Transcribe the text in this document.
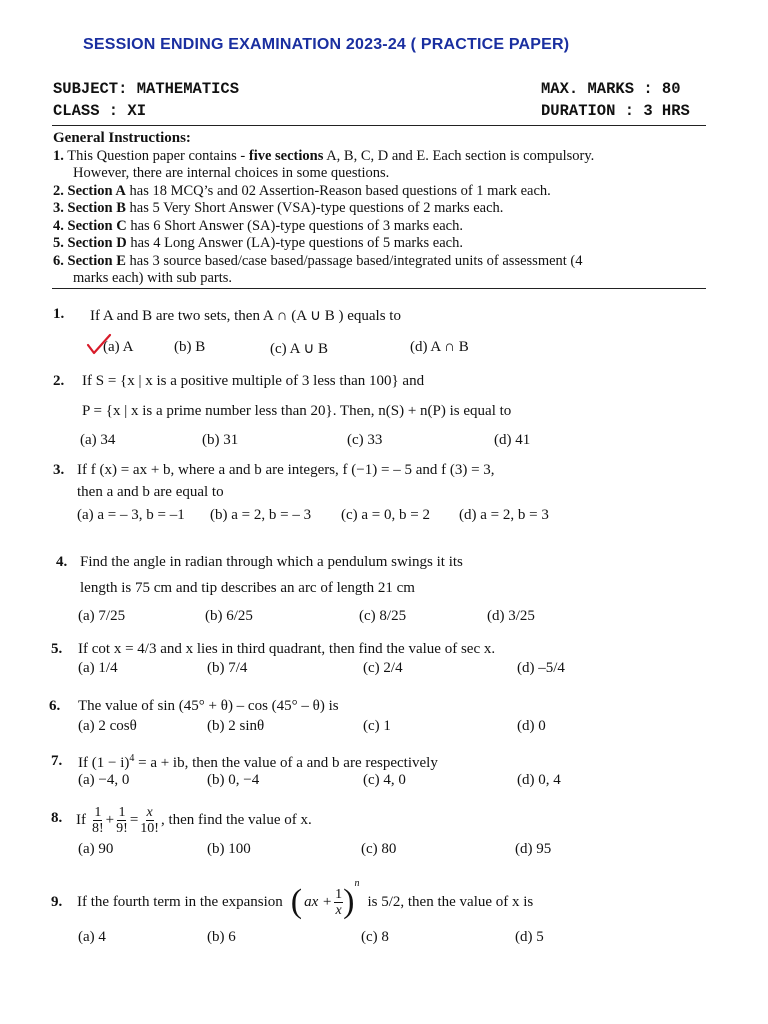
SESSION ENDING EXAMINATION 2023-24 ( PRACTICE PAPER)
SUBJECT: MATHEMATICS
CLASS : XI
MAX. MARKS : 80
DURATION : 3 HRS
General Instructions:
1. This Question paper contains - five sections A, B, C, D and E. Each section is compulsory.
However, there are internal choices in some questions.
2. Section A has 18 MCQ’s and 02 Assertion-Reason based questions of 1 mark each.
3. Section B has 5 Very Short Answer (VSA)-type questions of 2 marks each.
4. Section C has 6 Short Answer (SA)-type questions of 3 marks each.
5. Section D has 4 Long Answer (LA)-type questions of 5 marks each.
6. Section E has 3 source based/case based/passage based/integrated units of assessment (4
marks each) with sub parts.
1. If A and B are two sets, then A ∩ (A ∪ B ) equals to
(a) A	(b) B	(c) A ∪ B	(d) A ∩ B
2. If S = {x | x is a positive multiple of 3 less than 100} and
P = {x | x is a prime number less than 20}. Then, n(S) + n(P) is equal to
(a) 34	(b) 31	(c) 33	(d) 41
3. If f (x) = ax + b, where a and b are integers, f (−1) = – 5 and f (3) = 3,
then a and b are equal to
(a) a = – 3, b = –1 (b) a = 2, b = – 3 (c) a = 0, b = 2 (d) a = 2, b = 3
4. Find the angle in radian through which a pendulum swings it its
length is 75 cm and tip describes an arc of length 21 cm
(a) 7/25	(b) 6/25	(c) 8/25	(d) 3/25
5. If cot x = 4/3 and x lies in third quadrant, then find the value of sec x.
(a) 1/4	(b) 7/4	(c) 2/4	(d) –5/4
6. The value of sin (45° + θ) – cos (45° – θ) is
(a) 2 cosθ	(b) 2 sinθ	(c) 1	(d) 0
7. If $(1 - i)^4 = a$ + ib, then the value of a and b are respectively
(a) −4, 0	(b) 0, −4	(c) 4, 0	(d) 0, 4
8. If $\frac{1}{8!} + \frac{1}{9!} = \frac{x}{10!}$ , then find the value of x.
(a) 90	(b) 100	(c) 80	(d) 95
9. If the fourth term in the expansion ( ax + $\frac{1}{x}$ ) n
is 5/2, then the value of x is
(a) 4	(b) 6	(c) 8	(d) 5
